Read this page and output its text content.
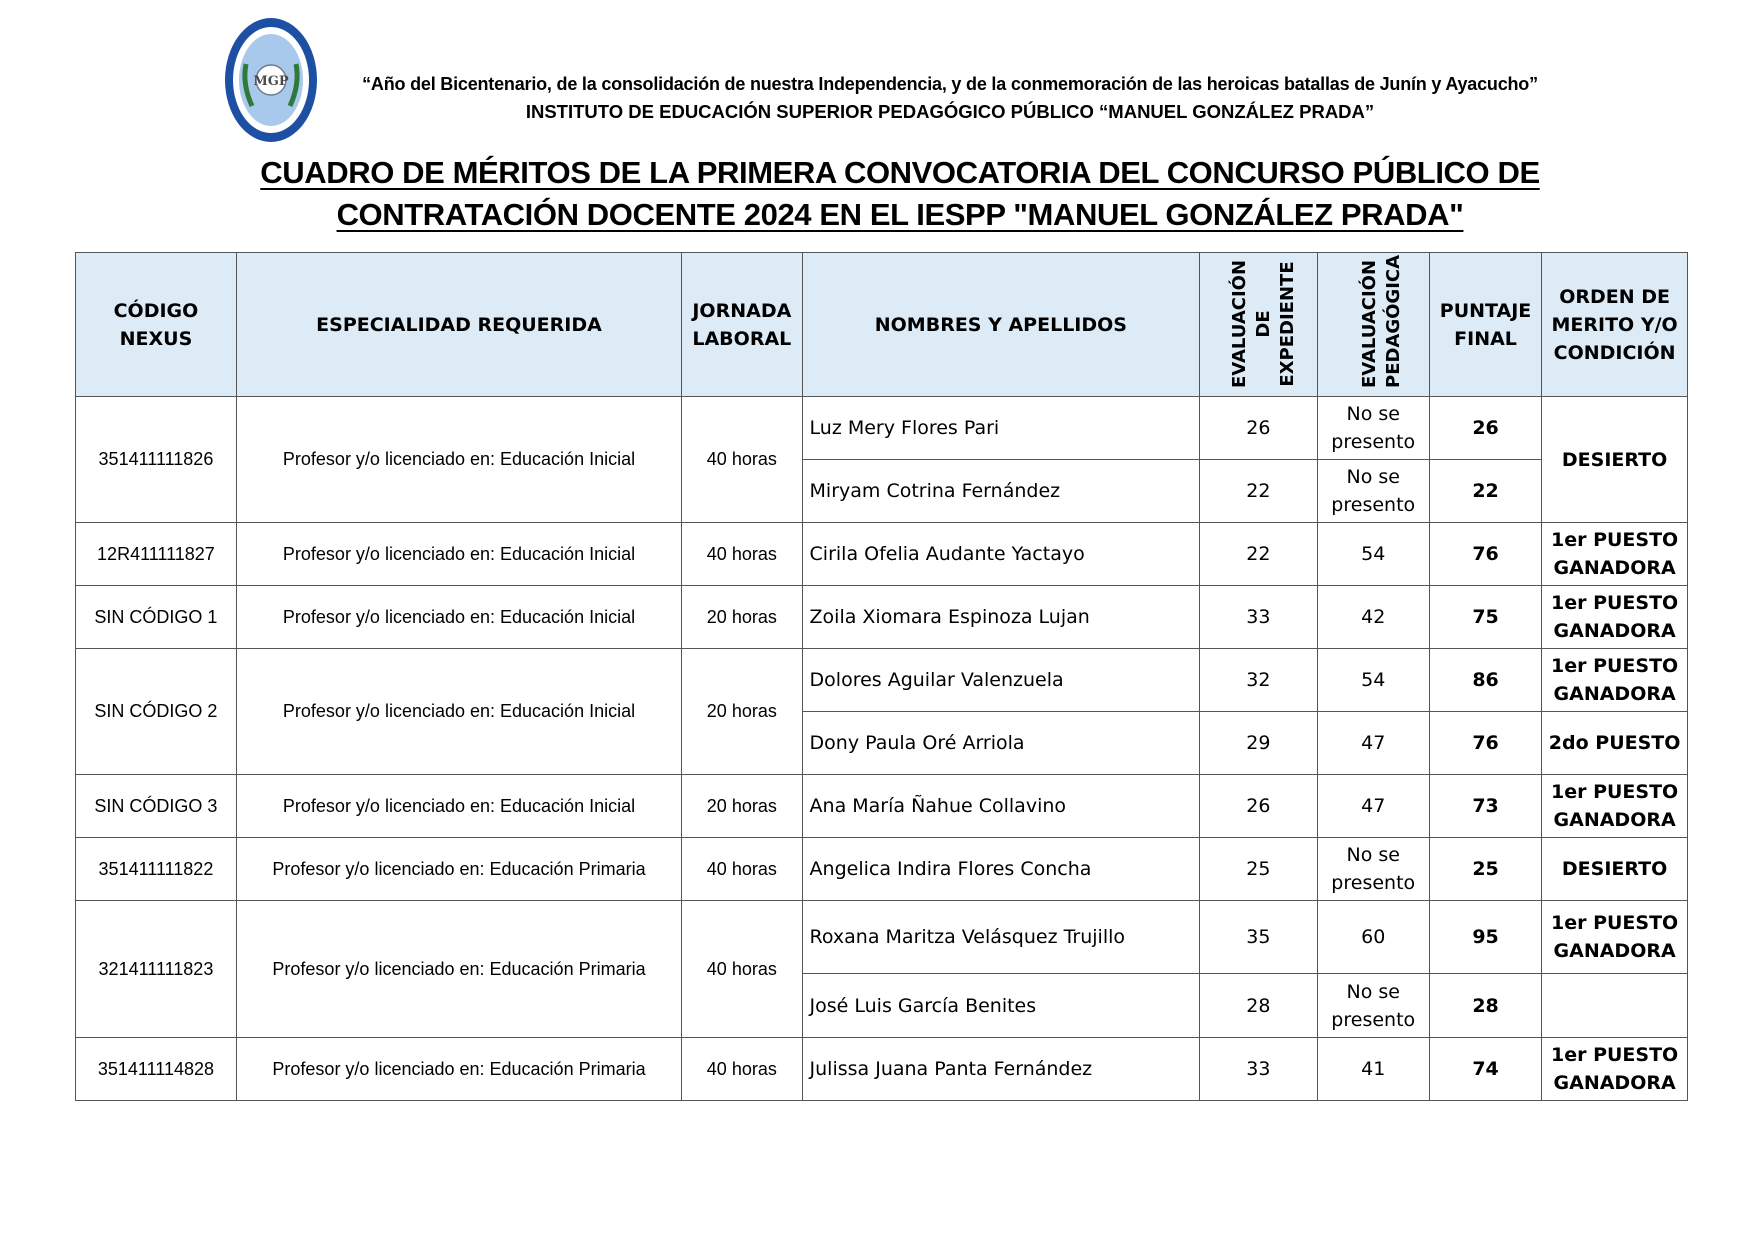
MGP	“Año del Bicentenario, de la consolidación de nuestra Independencia, y de la conmemoración de las heroicas batallas de Junín y Ayacucho”
INSTITUTO DE EDUCACIÓN SUPERIOR PEDAGÓGICO PÚBLICO “MANUEL GONZÁLEZ PRADA”
CUADRO DE MÉRITOS DE LA PRIMERA CONVOCATORIA DEL CONCURSO PÚBLICO DE
CONTRATACIÓN DOCENTE 2024 EN EL IESPP "MANUEL GONZÁLEZ PRADA"
CÓDIGO NEXUS	ESPECIALIDAD REQUERIDA	JORNADA LABORAL	NOMBRES Y APELLIDOS	EVALUACIÓN DE EXPEDIENTE	EVALUACIÓN PEDAGÓGICA	PUNTAJE FINAL	ORDEN DE MERITO Y/O CONDICIÓN
351411111826	Profesor y/o licenciado en: Educación Inicial	40 horas	Luz Mery Flores Pari	26	No se presento	26	DESIERTO
			Miryam Cotrina Fernández	22	No se presento	22	
12R411111827	Profesor y/o licenciado en: Educación Inicial	40 horas	Cirila Ofelia Audante Yactayo	22	54	76	1er PUESTO GANADORA
SIN CÓDIGO 1	Profesor y/o licenciado en: Educación Inicial	20 horas	Zoila Xiomara Espinoza Lujan	33	42	75	1er PUESTO GANADORA
SIN CÓDIGO 2	Profesor y/o licenciado en: Educación Inicial	20 horas	Dolores Aguilar Valenzuela	32	54	86	1er PUESTO GANADORA
			Dony Paula Oré Arriola	29	47	76	2do PUESTO
SIN CÓDIGO 3	Profesor y/o licenciado en: Educación Inicial	20 horas	Ana María Ñahue Collavino	26	47	73	1er PUESTO GANADORA
351411111822	Profesor y/o licenciado en: Educación Primaria	40 horas	Angelica Indira Flores Concha	25	No se presento	25	DESIERTO
321411111823	Profesor y/o licenciado en: Educación Primaria	40 horas	Roxana Maritza Velásquez Trujillo	35	60	95	1er PUESTO GANADORA
			José Luis García Benites	28	No se presento	28	
351411114828	Profesor y/o licenciado en: Educación Primaria	40 horas	Julissa Juana Panta Fernández	33	41	74	1er PUESTO GANADORA
